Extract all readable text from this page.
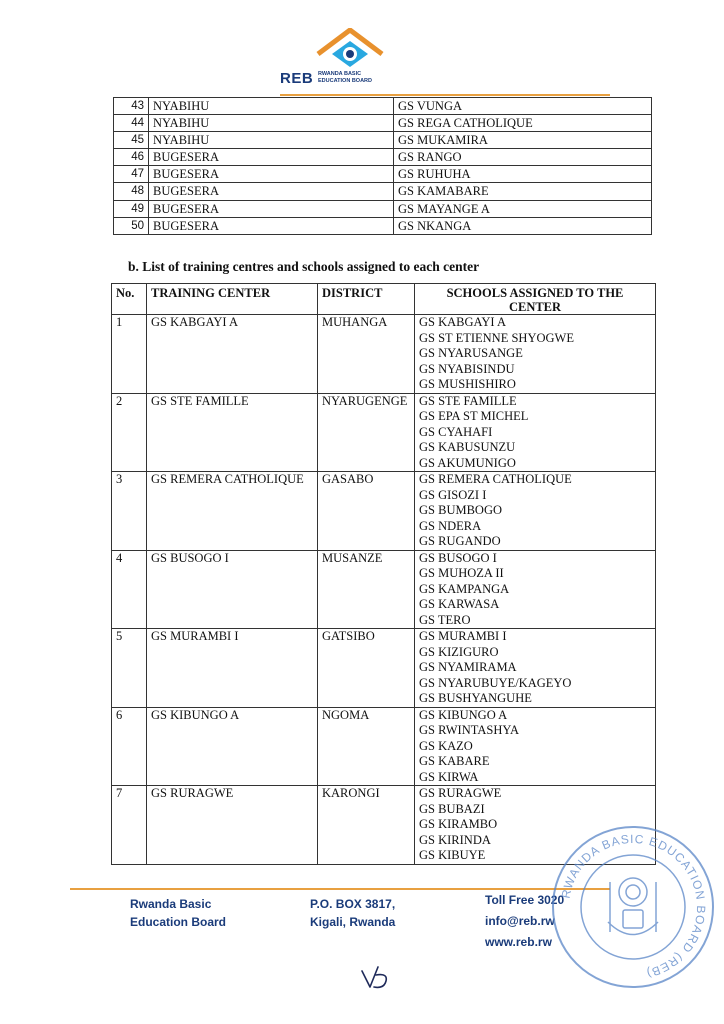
REB RWANDA BASIC
EDUCATION BOARD
43	NYABIHU	GS VUNGA
44	NYABIHU	GS REGA CATHOLIQUE
45	NYABIHU	GS MUKAMIRA
46	BUGESERA	GS RANGO
47	BUGESERA	GS RUHUHA
48	BUGESERA	GS KAMABARE
49	BUGESERA	GS MAYANGE A
50	BUGESERA	GS NKANGA
b. List of training centres and schools assigned to each center
No.	TRAINING CENTER	DISTRICT	SCHOOLS ASSIGNED TO THE CENTER
1	GS KABGAYI A	MUHANGA	GS KABGAYI A
GS ST ETIENNE SHYOGWE
GS NYARUSANGE
GS NYABISINDU
GS MUSHISHIRO

2	GS STE FAMILLE	NYARUGENGE	GS STE FAMILLE
GS EPA ST MICHEL
GS CYAHAFI
GS KABUSUNZU
GS AKUMUNIGO

3	GS REMERA CATHOLIQUE	GASABO	GS REMERA CATHOLIQUE
GS GISOZI I
GS BUMBOGO
GS NDERA
GS RUGANDO

4	GS BUSOGO I	MUSANZE	GS BUSOGO I
GS MUHOZA II
GS KAMPANGA
GS KARWASA
GS TERO

5	GS MURAMBI I	GATSIBO	GS MURAMBI I
GS KIZIGURO
GS NYAMIRAMA
GS NYARUBUYE/KAGEYO
GS BUSHYANGUHE

6	GS KIBUNGO A	NGOMA	GS KIBUNGO A
GS RWINTASHYA
GS KAZO
GS KABARE
GS KIRWA

7	GS RURAGWE	KARONGI	GS RURAGWE
GS BUBAZI
GS KIRAMBO
GS KIRINDA
GS KIBUYE
Rwanda Basic
Education Board
P.O. BOX 3817,
Kigali, Rwanda
Toll Free 3020
info@reb.rw
www.reb.rw
RWANDA BASIC EDUCATION BOARD (REB)
